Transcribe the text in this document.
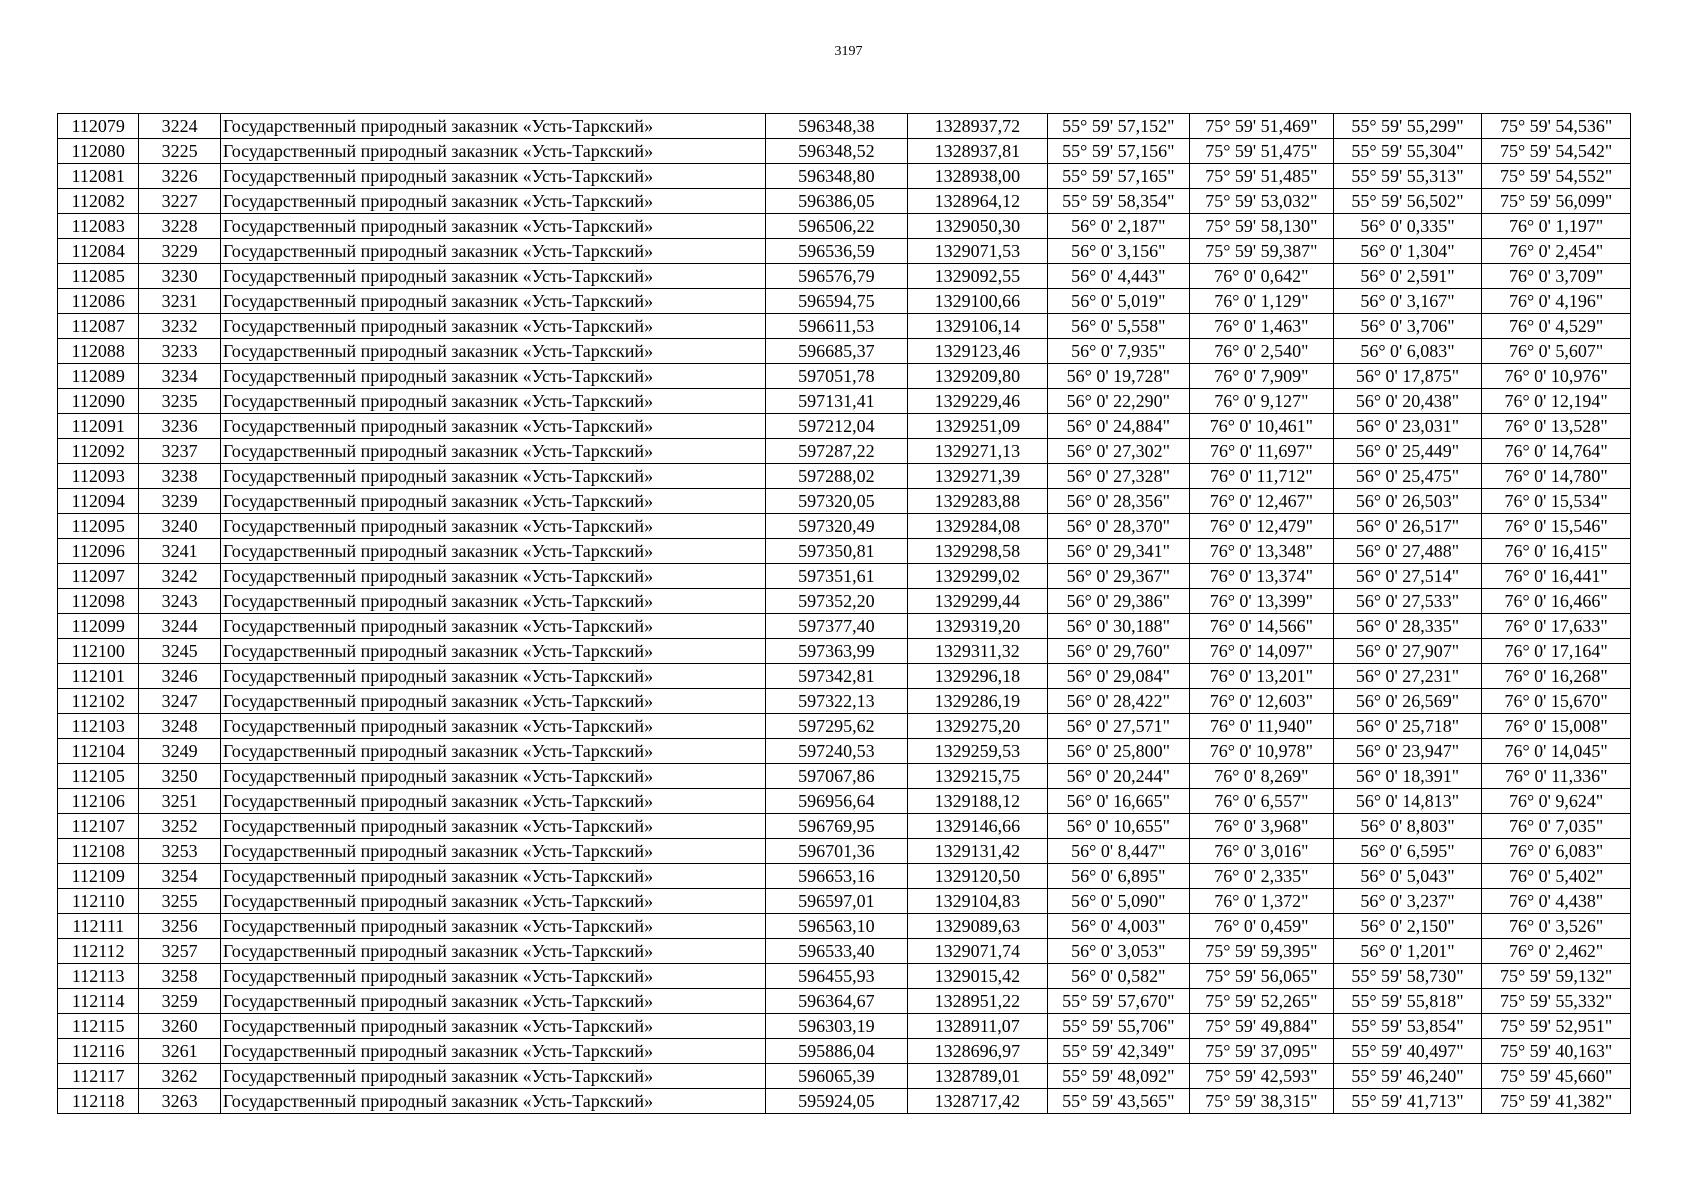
3197
112079	3224	Государственный природный заказник «Усть-Таркский»	596348,38	1328937,72	55° 59' 57,152"	75° 59' 51,469"	55° 59' 55,299"	75° 59' 54,536"
112080	3225	Государственный природный заказник «Усть-Таркский»	596348,52	1328937,81	55° 59' 57,156"	75° 59' 51,475"	55° 59' 55,304"	75° 59' 54,542"
112081	3226	Государственный природный заказник «Усть-Таркский»	596348,80	1328938,00	55° 59' 57,165"	75° 59' 51,485"	55° 59' 55,313"	75° 59' 54,552"
112082	3227	Государственный природный заказник «Усть-Таркский»	596386,05	1328964,12	55° 59' 58,354"	75° 59' 53,032"	55° 59' 56,502"	75° 59' 56,099"
112083	3228	Государственный природный заказник «Усть-Таркский»	596506,22	1329050,30	56° 0' 2,187"	75° 59' 58,130"	56° 0' 0,335"	76° 0' 1,197"
112084	3229	Государственный природный заказник «Усть-Таркский»	596536,59	1329071,53	56° 0' 3,156"	75° 59' 59,387"	56° 0' 1,304"	76° 0' 2,454"
112085	3230	Государственный природный заказник «Усть-Таркский»	596576,79	1329092,55	56° 0' 4,443"	76° 0' 0,642"	56° 0' 2,591"	76° 0' 3,709"
112086	3231	Государственный природный заказник «Усть-Таркский»	596594,75	1329100,66	56° 0' 5,019"	76° 0' 1,129"	56° 0' 3,167"	76° 0' 4,196"
112087	3232	Государственный природный заказник «Усть-Таркский»	596611,53	1329106,14	56° 0' 5,558"	76° 0' 1,463"	56° 0' 3,706"	76° 0' 4,529"
112088	3233	Государственный природный заказник «Усть-Таркский»	596685,37	1329123,46	56° 0' 7,935"	76° 0' 2,540"	56° 0' 6,083"	76° 0' 5,607"
112089	3234	Государственный природный заказник «Усть-Таркский»	597051,78	1329209,80	56° 0' 19,728"	76° 0' 7,909"	56° 0' 17,875"	76° 0' 10,976"
112090	3235	Государственный природный заказник «Усть-Таркский»	597131,41	1329229,46	56° 0' 22,290"	76° 0' 9,127"	56° 0' 20,438"	76° 0' 12,194"
112091	3236	Государственный природный заказник «Усть-Таркский»	597212,04	1329251,09	56° 0' 24,884"	76° 0' 10,461"	56° 0' 23,031"	76° 0' 13,528"
112092	3237	Государственный природный заказник «Усть-Таркский»	597287,22	1329271,13	56° 0' 27,302"	76° 0' 11,697"	56° 0' 25,449"	76° 0' 14,764"
112093	3238	Государственный природный заказник «Усть-Таркский»	597288,02	1329271,39	56° 0' 27,328"	76° 0' 11,712"	56° 0' 25,475"	76° 0' 14,780"
112094	3239	Государственный природный заказник «Усть-Таркский»	597320,05	1329283,88	56° 0' 28,356"	76° 0' 12,467"	56° 0' 26,503"	76° 0' 15,534"
112095	3240	Государственный природный заказник «Усть-Таркский»	597320,49	1329284,08	56° 0' 28,370"	76° 0' 12,479"	56° 0' 26,517"	76° 0' 15,546"
112096	3241	Государственный природный заказник «Усть-Таркский»	597350,81	1329298,58	56° 0' 29,341"	76° 0' 13,348"	56° 0' 27,488"	76° 0' 16,415"
112097	3242	Государственный природный заказник «Усть-Таркский»	597351,61	1329299,02	56° 0' 29,367"	76° 0' 13,374"	56° 0' 27,514"	76° 0' 16,441"
112098	3243	Государственный природный заказник «Усть-Таркский»	597352,20	1329299,44	56° 0' 29,386"	76° 0' 13,399"	56° 0' 27,533"	76° 0' 16,466"
112099	3244	Государственный природный заказник «Усть-Таркский»	597377,40	1329319,20	56° 0' 30,188"	76° 0' 14,566"	56° 0' 28,335"	76° 0' 17,633"
112100	3245	Государственный природный заказник «Усть-Таркский»	597363,99	1329311,32	56° 0' 29,760"	76° 0' 14,097"	56° 0' 27,907"	76° 0' 17,164"
112101	3246	Государственный природный заказник «Усть-Таркский»	597342,81	1329296,18	56° 0' 29,084"	76° 0' 13,201"	56° 0' 27,231"	76° 0' 16,268"
112102	3247	Государственный природный заказник «Усть-Таркский»	597322,13	1329286,19	56° 0' 28,422"	76° 0' 12,603"	56° 0' 26,569"	76° 0' 15,670"
112103	3248	Государственный природный заказник «Усть-Таркский»	597295,62	1329275,20	56° 0' 27,571"	76° 0' 11,940"	56° 0' 25,718"	76° 0' 15,008"
112104	3249	Государственный природный заказник «Усть-Таркский»	597240,53	1329259,53	56° 0' 25,800"	76° 0' 10,978"	56° 0' 23,947"	76° 0' 14,045"
112105	3250	Государственный природный заказник «Усть-Таркский»	597067,86	1329215,75	56° 0' 20,244"	76° 0' 8,269"	56° 0' 18,391"	76° 0' 11,336"
112106	3251	Государственный природный заказник «Усть-Таркский»	596956,64	1329188,12	56° 0' 16,665"	76° 0' 6,557"	56° 0' 14,813"	76° 0' 9,624"
112107	3252	Государственный природный заказник «Усть-Таркский»	596769,95	1329146,66	56° 0' 10,655"	76° 0' 3,968"	56° 0' 8,803"	76° 0' 7,035"
112108	3253	Государственный природный заказник «Усть-Таркский»	596701,36	1329131,42	56° 0' 8,447"	76° 0' 3,016"	56° 0' 6,595"	76° 0' 6,083"
112109	3254	Государственный природный заказник «Усть-Таркский»	596653,16	1329120,50	56° 0' 6,895"	76° 0' 2,335"	56° 0' 5,043"	76° 0' 5,402"
112110	3255	Государственный природный заказник «Усть-Таркский»	596597,01	1329104,83	56° 0' 5,090"	76° 0' 1,372"	56° 0' 3,237"	76° 0' 4,438"
112111	3256	Государственный природный заказник «Усть-Таркский»	596563,10	1329089,63	56° 0' 4,003"	76° 0' 0,459"	56° 0' 2,150"	76° 0' 3,526"
112112	3257	Государственный природный заказник «Усть-Таркский»	596533,40	1329071,74	56° 0' 3,053"	75° 59' 59,395"	56° 0' 1,201"	76° 0' 2,462"
112113	3258	Государственный природный заказник «Усть-Таркский»	596455,93	1329015,42	56° 0' 0,582"	75° 59' 56,065"	55° 59' 58,730"	75° 59' 59,132"
112114	3259	Государственный природный заказник «Усть-Таркский»	596364,67	1328951,22	55° 59' 57,670"	75° 59' 52,265"	55° 59' 55,818"	75° 59' 55,332"
112115	3260	Государственный природный заказник «Усть-Таркский»	596303,19	1328911,07	55° 59' 55,706"	75° 59' 49,884"	55° 59' 53,854"	75° 59' 52,951"
112116	3261	Государственный природный заказник «Усть-Таркский»	595886,04	1328696,97	55° 59' 42,349"	75° 59' 37,095"	55° 59' 40,497"	75° 59' 40,163"
112117	3262	Государственный природный заказник «Усть-Таркский»	596065,39	1328789,01	55° 59' 48,092"	75° 59' 42,593"	55° 59' 46,240"	75° 59' 45,660"
112118	3263	Государственный природный заказник «Усть-Таркский»	595924,05	1328717,42	55° 59' 43,565"	75° 59' 38,315"	55° 59' 41,713"	75° 59' 41,382"
